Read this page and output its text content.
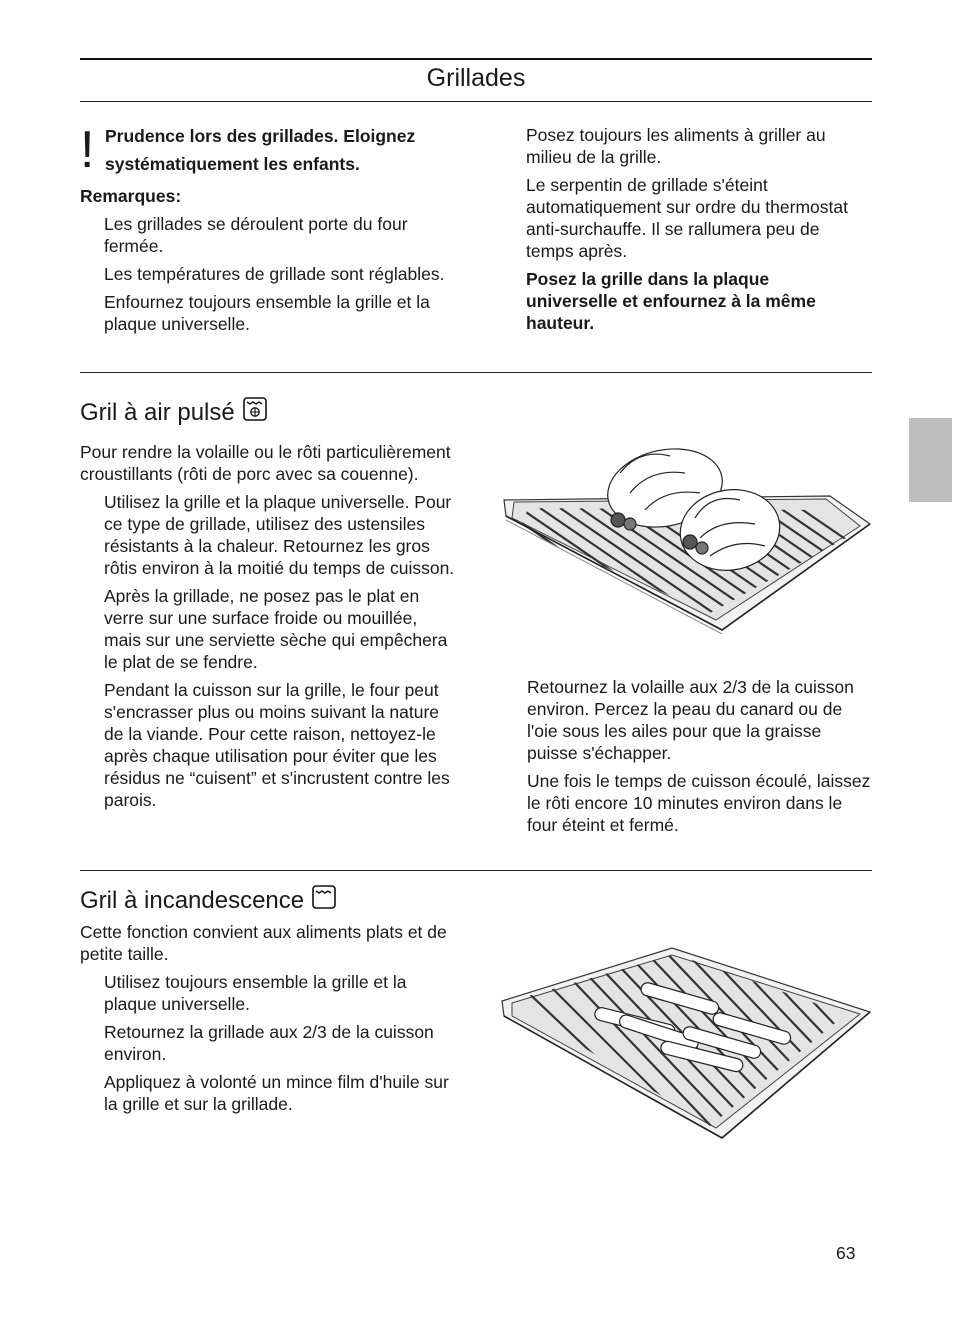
Grillades
! Prudence lors des grillades. Eloignez
systématiquement les enfants.

Remarques:

Les grillades se déroulent porte du four fermée.

Les températures de grillade sont réglables.

Enfournez toujours ensemble la grille et la plaque universelle.

Posez toujours les aliments à griller au milieu de la grille.

Le serpentin de grillade s'éteint automatiquement sur ordre du thermostat anti-surchauffe. Il se rallumera peu de temps après.

Posez la grille dans la plaque universelle et enfournez à la même hauteur.

Gril à air pulsé

Pour rendre la volaille ou le rôti particulièrement croustillants (rôti de porc avec sa couenne).

Utilisez la grille et la plaque universelle. Pour ce type de grillade, utilisez des ustensiles résistants à la chaleur. Retournez les gros rôtis environ à la moitié du temps de cuisson.

Après la grillade, ne posez pas le plat en verre sur une surface froide ou mouillée, mais sur une serviette sèche qui empêchera le plat de se fendre.

Pendant la cuisson sur la grille, le four peut s'encrasser plus ou moins suivant la nature de la viande. Pour cette raison, nettoyez-le après chaque utilisation pour éviter que les résidus ne “cuisent” et s'incrustent contre les parois.

Retournez la volaille aux 2/3 de la cuisson environ. Percez la peau du canard ou de l'oie sous les ailes pour que la graisse puisse s'échapper.

Une fois le temps de cuisson écoulé, laissez le rôti encore 10 minutes environ dans le four éteint et fermé.

Gril à incandescence

Cette fonction convient aux aliments plats et de petite taille.

Utilisez toujours ensemble la grille et la plaque universelle.

Retournez la grillade aux 2/3 de la cuisson environ.

Appliquez à volonté un mince film d'huile sur la grille et sur la grillade.

63
